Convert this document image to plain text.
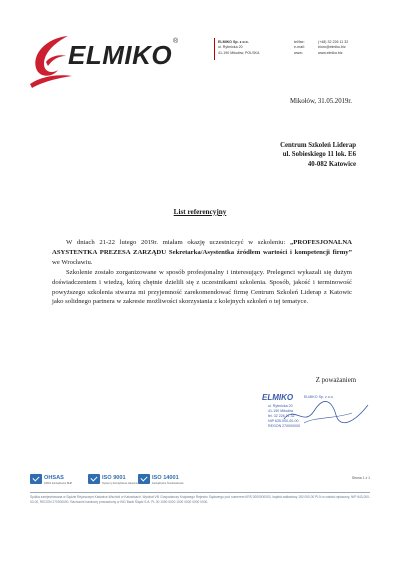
ELMIKO ®	ELMIKO Sp. z o.o.
ul. Rybnicka 20
41-190 Mikołów, POLSKA
tel/fax:
e-mail:
www:
(+48) 32 226 11 32
biuro@elmiko.biz
www.elmiko.biz
Mikołów, 31.05.2019r.
Centrum Szkoleń Liderap
ul. Sobieskiego 11 lok. E6
40-082 Katowice
List referencyjny

W dniach 21-22 lutego 2019r. miałam okazję uczestniczyć w szkoleniu: „PROFESJONALNA ASYSTENTKA PREZESA ZARZĄDU Sekretarka/Asystentka źródłem wartości i kompetencji firmy” we Wrocławiu.

Szkolenie zostało zorganizowane w sposób profesjonalny i interesujący. Prelegenci wykazali się dużym doświadczeniem i wiedzą, którą chętnie dzielili się z uczestnikami szkolenia. Sposób, jakość i terminowość powyższego szkolenia stwarza mi przyjemność zarekomendować firmę Centrum Szkoleń Liderap z Katowic jako solidnego partnera w zakresie możliwości skorzystania z kolejnych szkoleń o tej tematyce.

Z poważaniem
ELMIKO	ELMIKO Sp. z o.o.
ul. Rybnicka 20
41-190 Mikołów
tel. 32 226 11 32
NIP 635-000-00-00
REGON 270000000
OHSAS
18001 Zarządzanie BHP
ISO 9001
Systemy Zarządzania Jakością
ISO 14001
Zarządzanie Środowiskowe
Strona 1 z 1
Spółka zarejestrowana w Sądzie Rejonowym Katowice-Wschód w Katowicach, Wydział VIII Gospodarczy Krajowego Rejestru Sądowego pod numerem KRS 0000000000, kapitał zakładowy 150 000,00 PLN w całości wpłacony, NIP 643-000-00-00, REGON 270000000. Rachunek bankowy prowadzony w ING Bank Śląski S.A. PL 00 1050 0000 1000 0000 0000 0000.
